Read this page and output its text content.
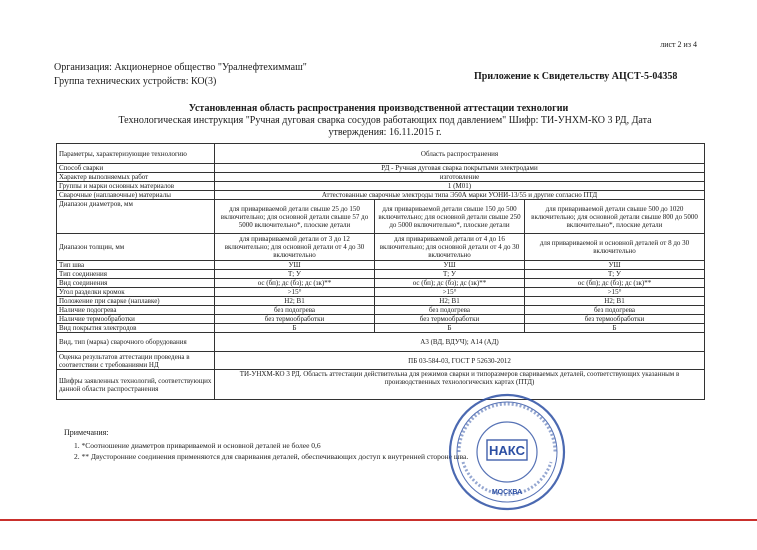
лист 2 из 4
Организация: Акционерное общество "Уралнефтехиммаш"
Группа технических устройств: КО(3)	Приложение к Свидетельству АЦСТ-5-04358
Установленная область распространения производственной аттестации технологии
Технологическая инструкция "Ручная дуговая сварка сосудов работающих под давлением" Шифр: ТИ-УНХМ-КО 3 РД, Дата утверждения: 16.11.2015 г.
Параметры, характеризующие технологию	Область распространения		
Способ сварки	РД - Ручная дуговая сварка покрытыми электродами		
Характер выполняемых работ	изготовление		
Группы и марки основных материалов	1 (М01)		
Сварочные (наплавочные) материалы	Аттестованные сварочные электроды типа Э50А марки УОНИ-13/55 и другие согласно ПТД		
Диапазон диаметров, мм	для привариваемой детали свыше 25 до 150 включительно; для основной детали свыше 57 до 5000 включительно*, плоские детали	для привариваемой детали свыше 150 до 500 включительно; для основной детали свыше 250 до 5000 включительно*, плоские детали	для привариваемой детали свыше 500 до 1020 включительно; для основной детали свыше 800 до 5000 включительно*, плоские детали
Диапазон толщин, мм	для привариваемой детали от 3 до 12 включительно; для основной детали от 4 до 30 включительно	для привариваемой детали от 4 до 16 включительно; для основной детали от 4 до 30 включительно	для привариваемой и основной деталей от 8 до 30 включительно
Тип шва	УШ	УШ	УШ
Тип соединения	Т; У	Т; У	Т; У
Вид соединения	ос (бп); дс (бз); дс (зк)**	ос (бп); дс (бз); дс (зк)**	ос (бп); дс (бз); дс (зк)**
Угол разделки кромок	>15°	>15°	>15°
Положение при сварке (наплавке)	Н2; В1	Н2; В1	Н2; В1
Наличие подогрева	без подогрева	без подогрева	без подогрева
Наличие термообработки	без термообработки	без термообработки	без термообработки
Вид покрытия электродов	Б	Б	Б
Вид, тип (марка) сварочного оборудования	А3 (ВД, ВДУЧ); А14 (АД)		
Оценка результатов аттестации проведена в соответствии с требованиями НД	ПБ 03-584-03, ГОСТ Р 52630-2012		
Шифры заявленных технологий, соответствующих данной области распространения	ТИ-УНХМ-КО 3 РД. Область аттестации действительна для режимов сварки и типоразмеров свариваемых деталей, соответствующих указанным в производственных технологических картах (ПТД)		
Примечания:
1. *Соотношение диаметров привариваемой и основной деталей не более 0,6
2. ** Двусторонние соединения применяются для сваривания деталей, обеспечивающих доступ к внутренней стороне шва. НАКС
МОСКВА
